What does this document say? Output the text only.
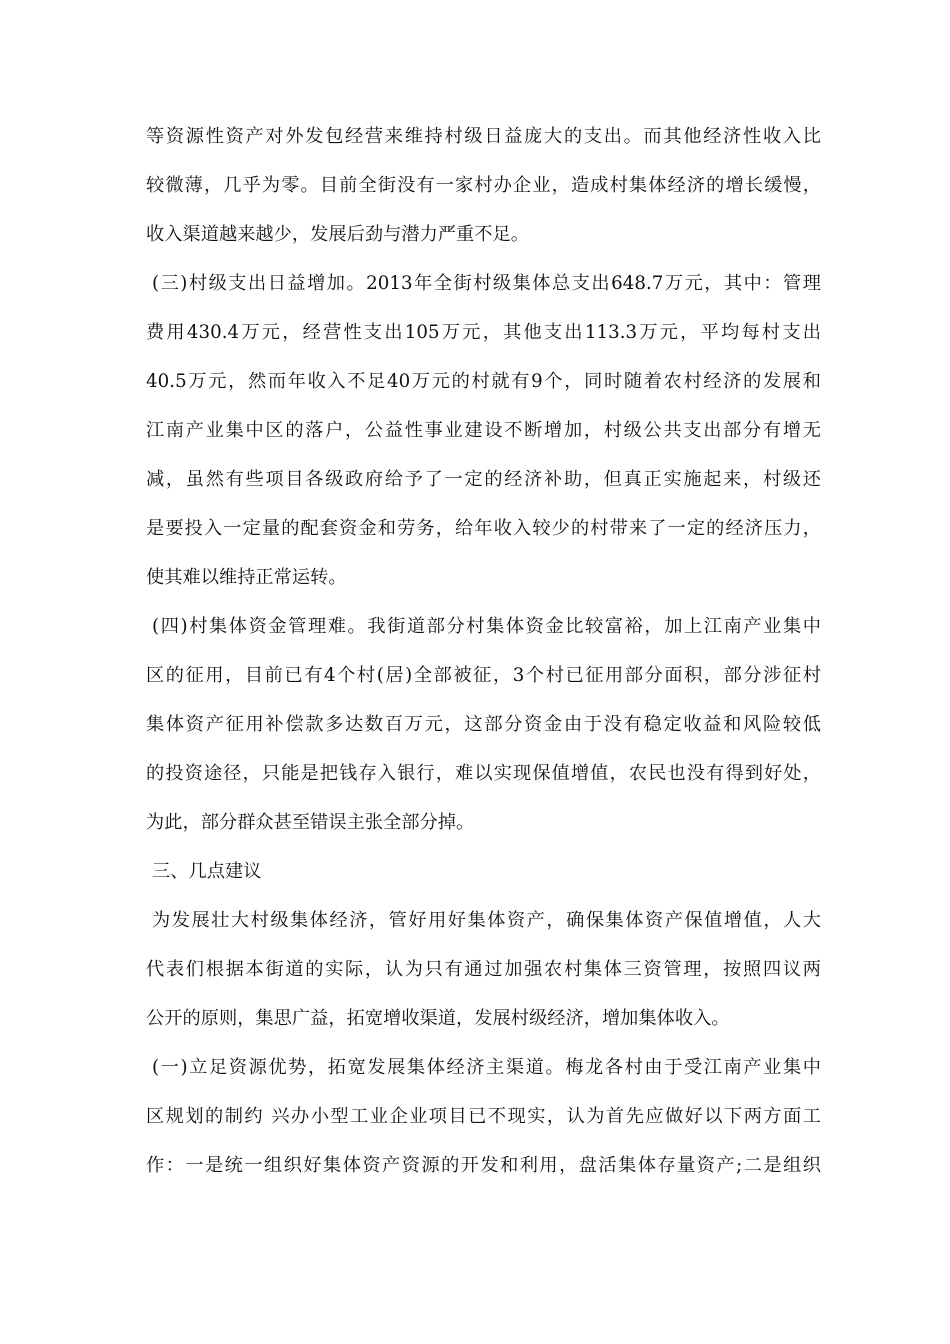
等资源性资产对外发包经营来维持村级日益庞大的支出。而其他经济性收入比
较微薄，几乎为零。目前全街没有一家村办企业，造成村集体经济的增长缓慢，
收入渠道越来越少，发展后劲与潜力严重不足。
(三)村级支出日益增加。2013年全街村级集体总支出648.7万元，其中：管理
费用430.4万元，经营性支出105万元，其他支出113.3万元，平均每村支出
40.5万元，然而年收入不足40万元的村就有9个，同时随着农村经济的发展和
江南产业集中区的落户，公益性事业建设不断增加，村级公共支出部分有增无
减，虽然有些项目各级政府给予了一定的经济补助，但真正实施起来，村级还
是要投入一定量的配套资金和劳务，给年收入较少的村带来了一定的经济压力，
使其难以维持正常运转。
(四)村集体资金管理难。我街道部分村集体资金比较富裕，加上江南产业集中
区的征用，目前已有4个村(居)全部被征，3个村已征用部分面积，部分涉征村
集体资产征用补偿款多达数百万元，这部分资金由于没有稳定收益和风险较低
的投资途径，只能是把钱存入银行，难以实现保值增值，农民也没有得到好处，
为此，部分群众甚至错误主张全部分掉。
三、几点建议
为发展壮大村级集体经济，管好用好集体资产，确保集体资产保值增值，人大
代表们根据本街道的实际，认为只有通过加强农村集体三资管理，按照四议两
公开的原则，集思广益，拓宽增收渠道，发展村级经济，增加集体收入。
(一)立足资源优势，拓宽发展集体经济主渠道。梅龙各村由于受江南产业集中
区规划的制约 兴办小型工业企业项目已不现实，认为首先应做好以下两方面工
作：一是统一组织好集体资产资源的开发和利用，盘活集体存量资产;二是组织
